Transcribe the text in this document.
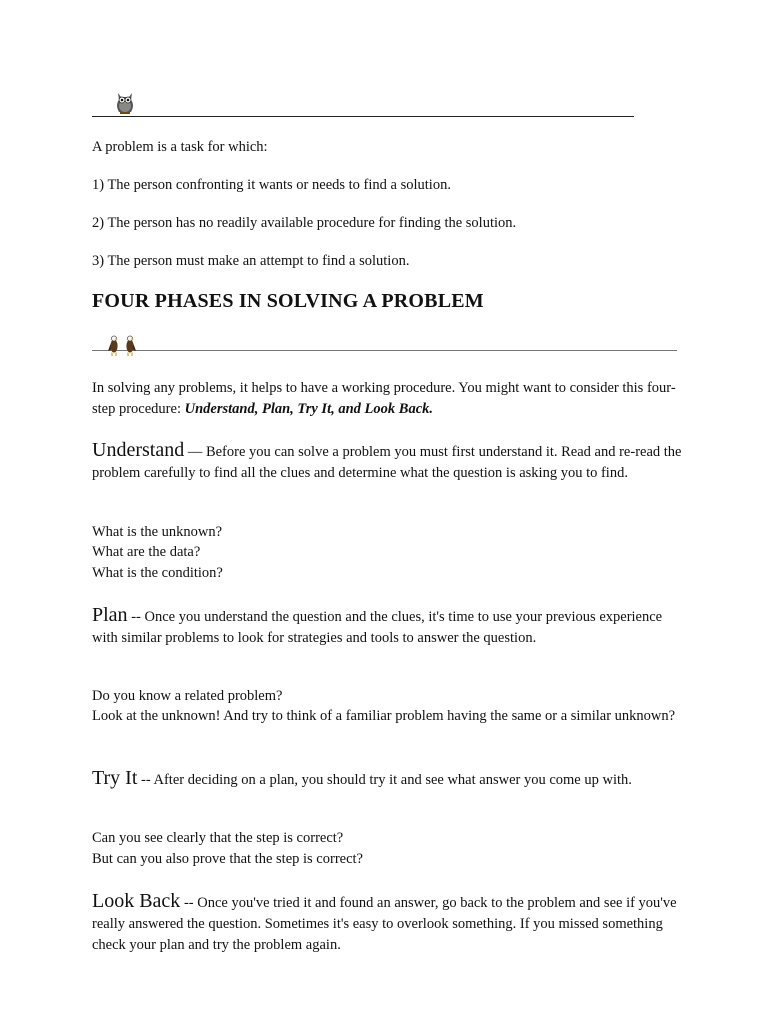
A problem is a task for which:
1) The person confronting it wants or needs to find a solution.
2) The person has no readily available procedure for finding the solution.
3) The person must make an attempt to find a solution.
FOUR PHASES IN SOLVING A PROBLEM
In solving any problems, it helps to have a working procedure. You might want to consider this four-step procedure: Understand, Plan, Try It, and Look Back.
Understand — Before you can solve a problem you must first understand it. Read and re-read the problem carefully to find all the clues and determine what the question is asking you to find.
What is the unknown?
What are the data?
What is the condition?
Plan -- Once you understand the question and the clues, it's time to use your previous experience with similar problems to look for strategies and tools to answer the question.
Do you know a related problem?
Look at the unknown! And try to think of a familiar problem having the same or a similar unknown?
Try It -- After deciding on a plan, you should try it and see what answer you come up with.
Can you see clearly that the step is correct?
But can you also prove that the step is correct?
Look Back -- Once you've tried it and found an answer, go back to the problem and see if you've really answered the question. Sometimes it's easy to overlook something. If you missed something check your plan and try the problem again.
